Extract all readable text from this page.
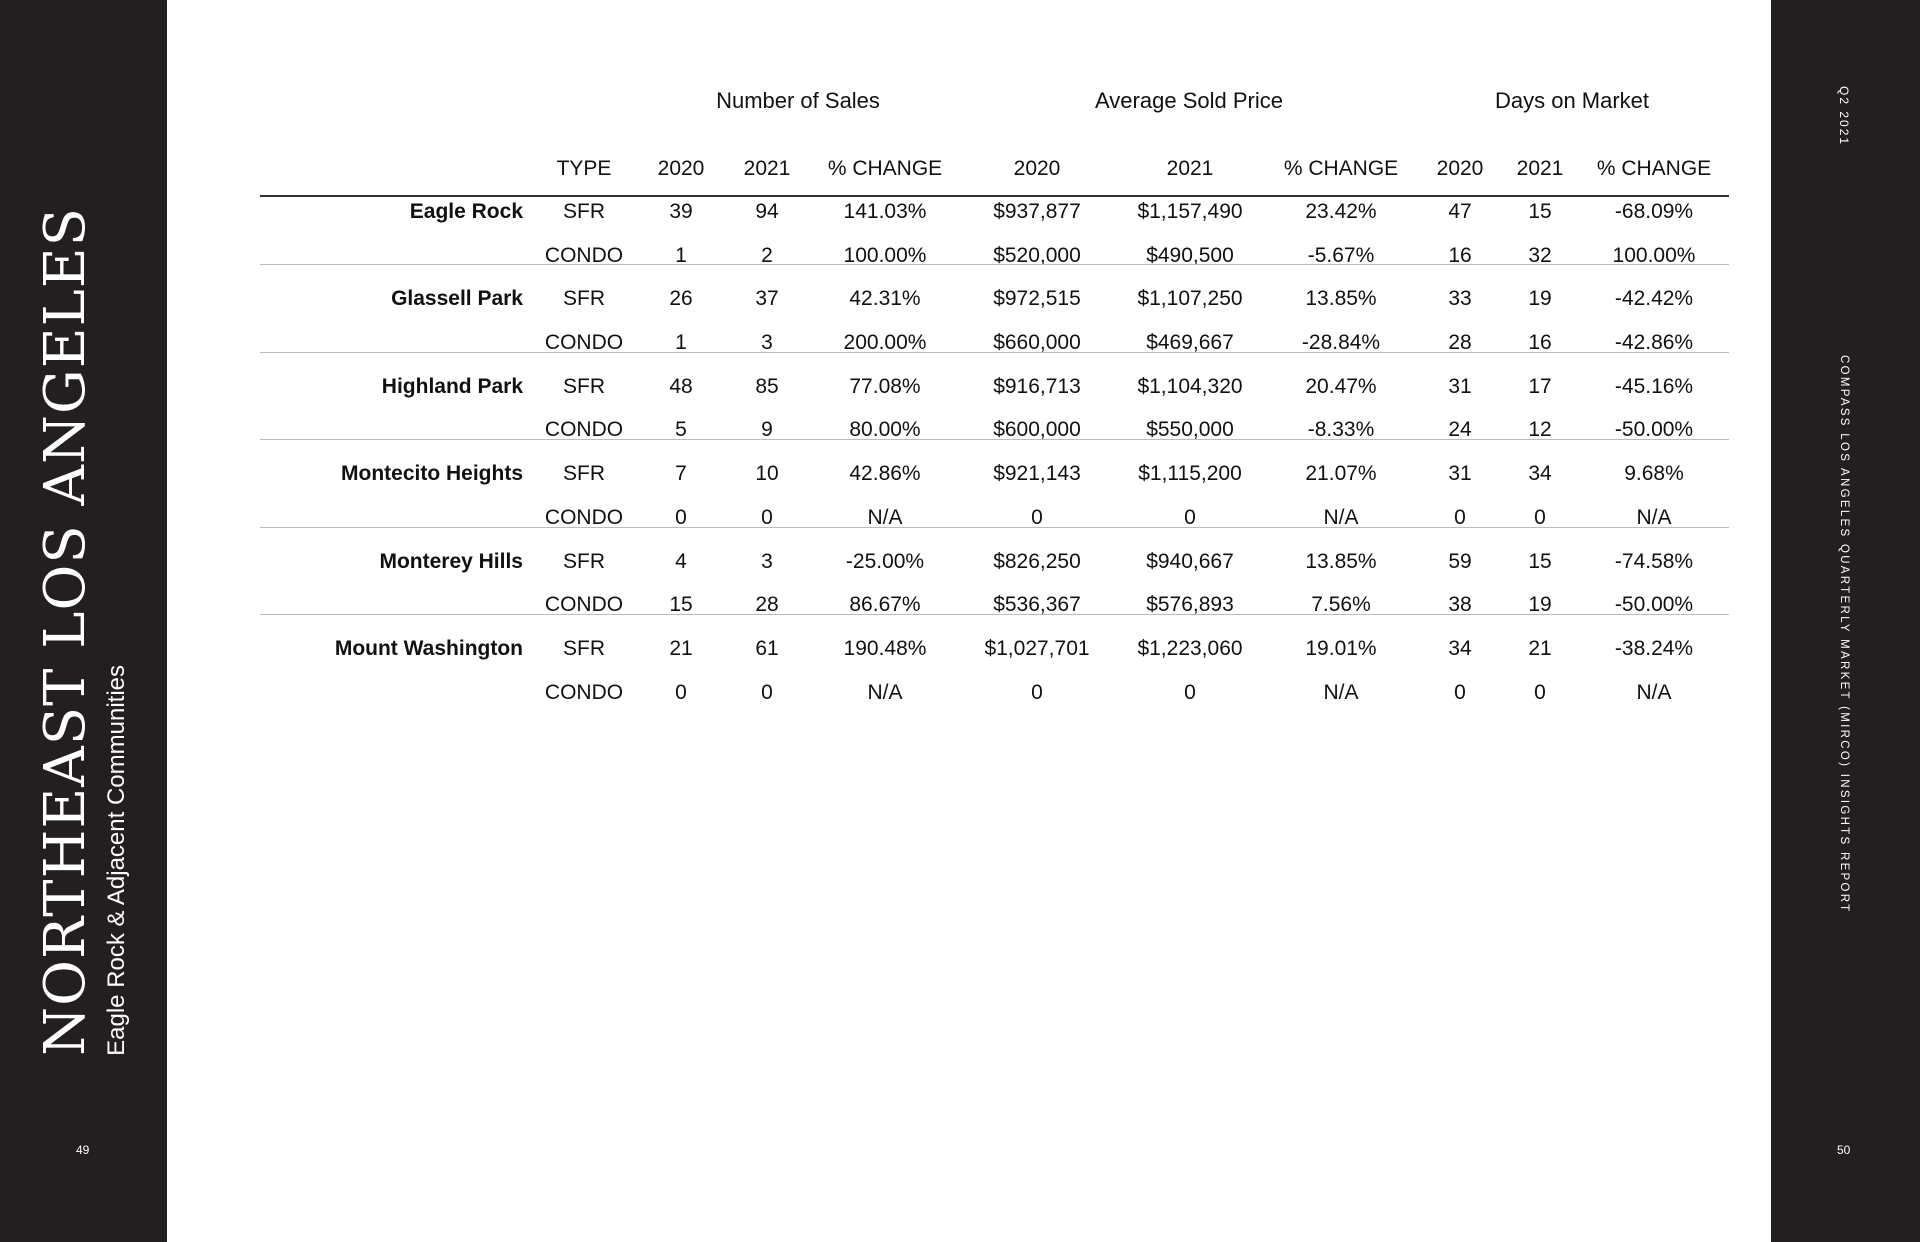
NORTHEAST LOS ANGELES Eagle Rock & Adjacent Communities
49
Q2 2021
COMPASS LOS ANGELES QUARTERLY MARKET (MIRCO) INSIGHTS REPORT
50
Number of Sales	Average Sold Price	Days on Market
TYPE 2020 2021 % CHANGE	2020	2021	% CHANGE 2020 2021 % CHANGE
Eagle Rock SFR	39	94	141.03%	$937,877	$1,157,490	23.42%	47	15	-68.09%
CONDO 1	2	100.00%	$520,000	$490,500	-5.67%	16	32	100.00%
Glassell Park SFR	26	37	42.31%	$972,515	$1,107,250	13.85%	33	19	-42.42%
CONDO 1	3	200.00%	$660,000	$469,667	-28.84%	28	16	-42.86%
Highland Park SFR	48	85	77.08%	$916,713	$1,104,320	20.47%	31	17	-45.16%
CONDO 5	9	80.00%	$600,000	$550,000	-8.33%	24	12	-50.00%
Montecito Heights SFR	7	10	42.86%	$921,143	$1,115,200	21.07%	31	34	9.68%
CONDO 0	0	N/A	0	0	N/A	0	0	N/A
Monterey Hills SFR	4	3	-25.00%	$826,250	$940,667	13.85%	59	15	-74.58%
CONDO 15	28	86.67%	$536,367	$576,893	7.56%	38	19	-50.00%
Mount Washington SFR	21	61	190.48%	$1,027,701 $1,223,060	19.01%	34	21	-38.24%
CONDO 0	0	N/A	0	0	N/A	0	0	N/A
